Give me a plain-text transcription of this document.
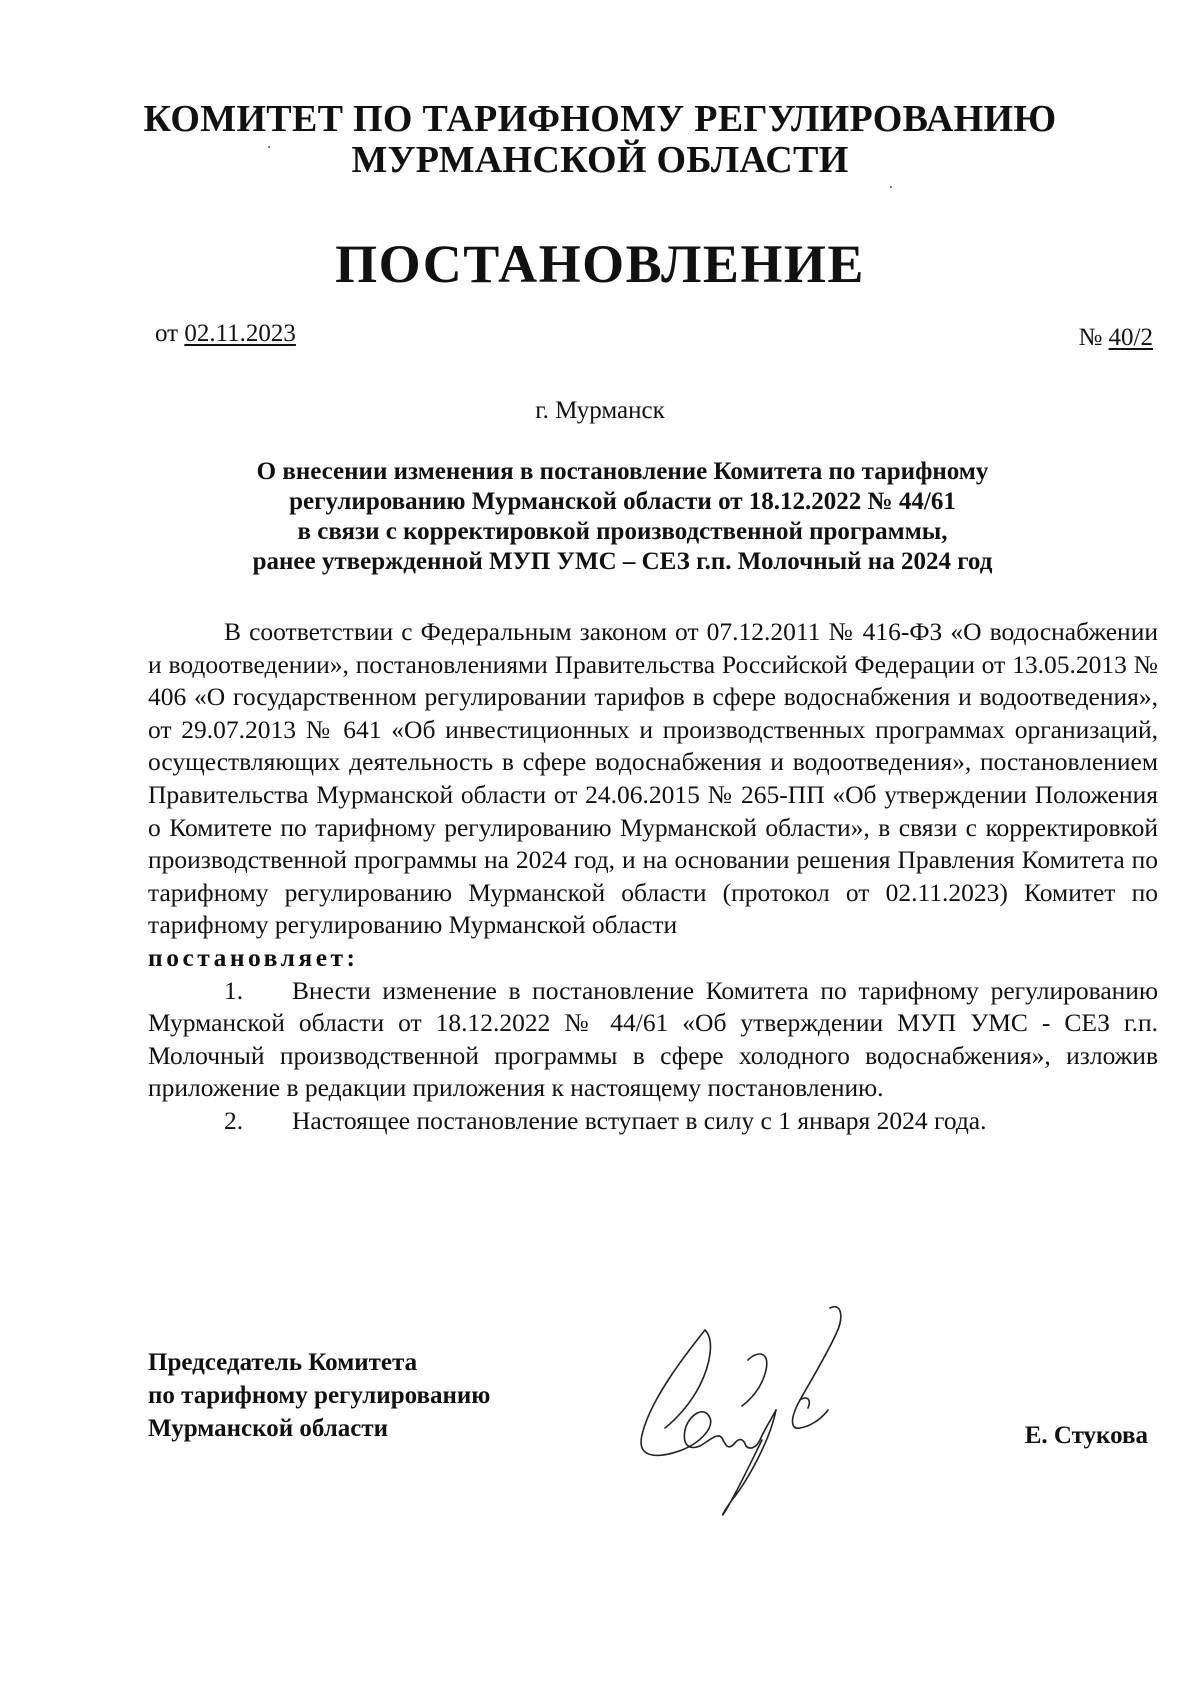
КОМИТЕТ ПО ТАРИФНОМУ РЕГУЛИРОВАНИЮ
МУРМАНСКОЙ ОБЛАСТИ
ПОСТАНОВЛЕНИЕ
от 02.11.2023	№ 40/2
г. Мурманск
О внесении изменения в постановление Комитета по тарифному
регулированию Мурманской области от 18.12.2022 № 44/61
в связи с корректировкой производственной программы,
ранее утвержденной МУП УМС – СЕЗ г.п. Молочный на 2024 год

В соответствии с Федеральным законом от 07.12.2011 № 416-ФЗ «О водоснабжении и водоотведении», постановлениями Правительства Российской Федерации от 13.05.2013 № 406 «О государственном регулировании тарифов в сфере водоснабжения и водоотведения», от 29.07.2013 № 641 «Об инвестиционных и производственных программах организаций, осуществляющих деятельность в сфере водоснабжения и водоотведения», постановлением Правительства Мурманской области от 24.06.2015 № 265-ПП «Об утверждении Положения о Комитете по тарифному регулированию Мурманской области», в связи с корректировкой производственной программы на 2024 год, и на основании решения Правления Комитета по тарифному регулированию Мурманской области (протокол от 02.11.2023) Комитет по тарифному регулированию Мурманской области

постановляет:

1. Внести изменение в постановление Комитета по тарифному регулированию Мурманской области от 18.12.2022 № 44/61 «Об утверждении МУП УМС - СЕЗ г.п. Молочный производственной программы в сфере холодного водоснабжения», изложив приложение в редакции приложения к настоящему постановлению.

2. Настоящее постановление вступает в силу с 1 января 2024 года.

Председатель Комитета
по тарифному регулированию
Мурманской области	Е. Стукова
